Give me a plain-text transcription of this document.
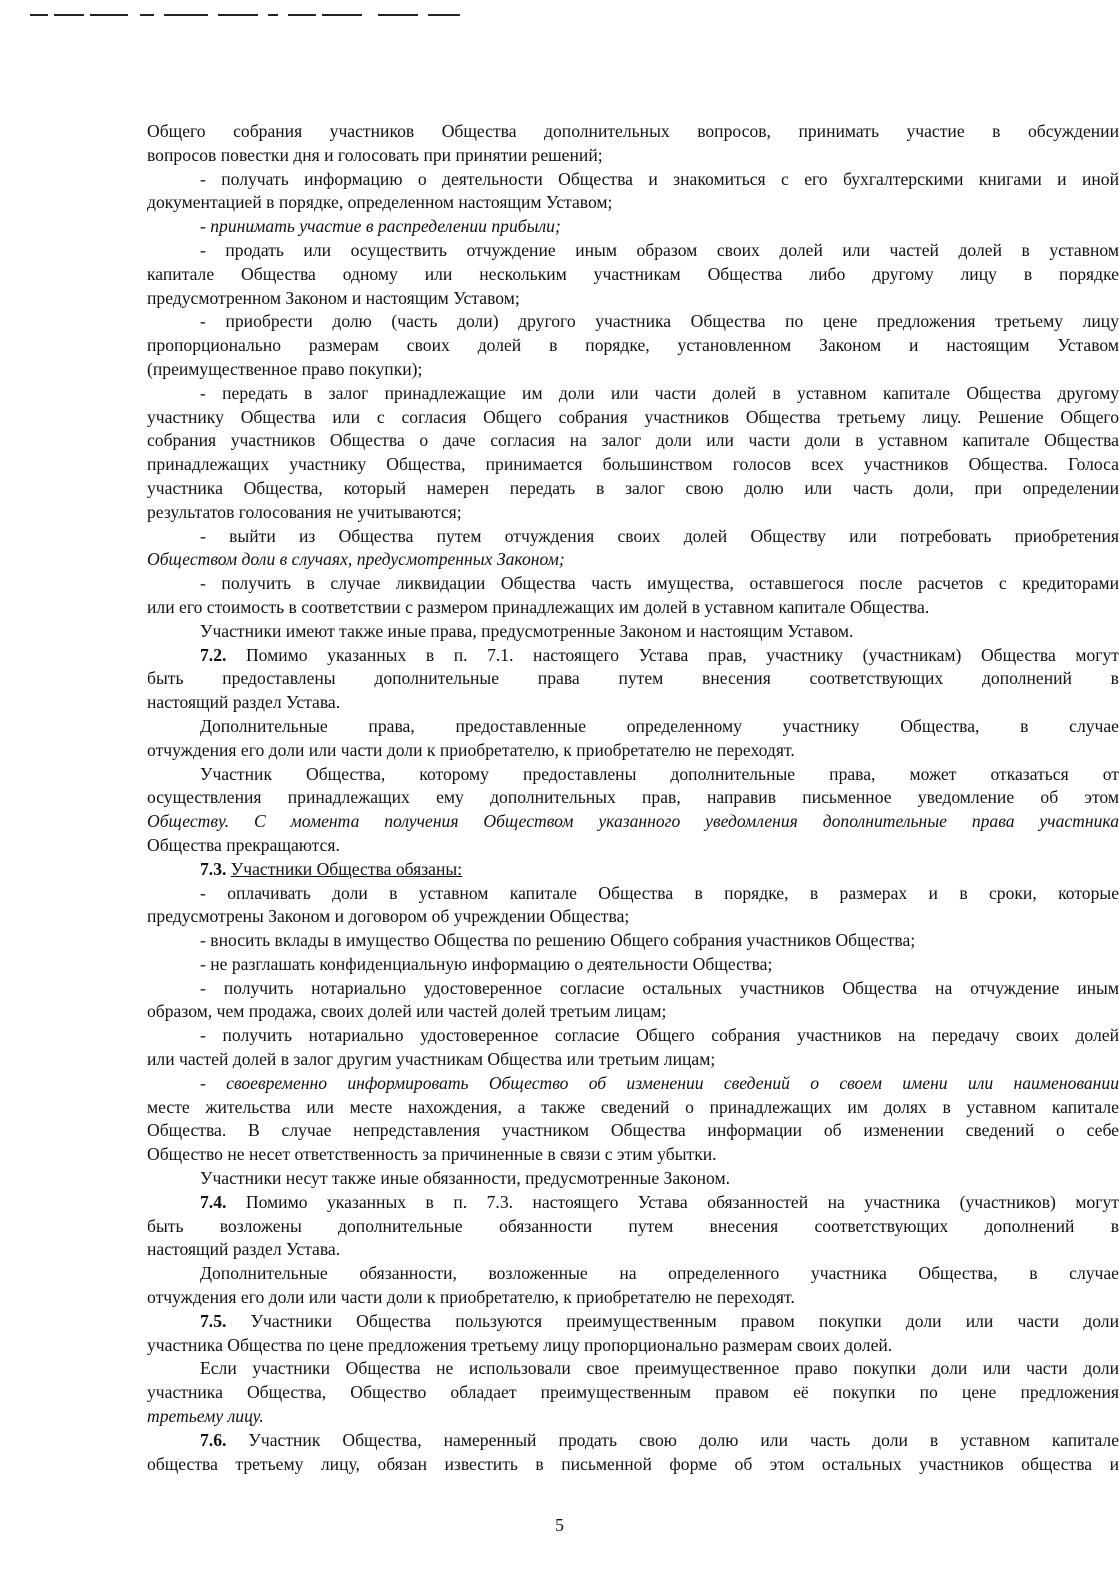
Общего собрания участников Общества дополнительных вопросов, принимать участие в обсуждении

вопросов повестки дня и голосовать при принятии решений;

- получать информацию о деятельности Общества и знакомиться с его бухгалтерскими книгами и иной

документацией в порядке, определенном настоящим Уставом;

- принимать участие в распределении прибыли;

- продать или осуществить отчуждение иным образом своих долей или частей долей в уставном

капитале Общества одному или нескольким участникам Общества либо другому лицу в порядке

предусмотренном Законом и настоящим Уставом;

- приобрести долю (часть доли) другого участника Общества по цене предложения третьему лицу

пропорционально размерам своих долей в порядке, установленном Законом и настоящим Уставом

(преимущественное право покупки);

- передать в залог принадлежащие им доли или части долей в уставном капитале Общества другому

участнику Общества или с согласия Общего собрания участников Общества третьему лицу. Решение Общего

собрания участников Общества о даче согласия на залог доли или части доли в уставном капитале Общества

принадлежащих участнику Общества, принимается большинством голосов всех участников Общества. Голоса

участника Общества, который намерен передать в залог свою долю или часть доли, при определении

результатов голосования не учитываются;

- выйти из Общества путем отчуждения своих долей Обществу или потребовать приобретения

Обществом доли в случаях, предусмотренных Законом;

- получить в случае ликвидации Общества часть имущества, оставшегося после расчетов с кредиторами

или его стоимость в соответствии с размером принадлежащих им долей в уставном капитале Общества.

Участники имеют также иные права, предусмотренные Законом и настоящим Уставом.

7.2. Помимо указанных в п. 7.1. настоящего Устава прав, участнику (участникам) Общества могут

быть предоставлены дополнительные права путем внесения соответствующих дополнений в

настоящий раздел Устава.

Дополнительные права, предоставленные определенному участнику Общества, в случае

отчуждения его доли или части доли к приобретателю, к приобретателю не переходят.

Участник Общества, которому предоставлены дополнительные права, может отказаться от

осуществления принадлежащих ему дополнительных прав, направив письменное уведомление об этом

Обществу. С момента получения Обществом указанного уведомления дополнительные права участника

Общества прекращаются.

7.3. Участники Общества обязаны:

- оплачивать доли в уставном капитале Общества в порядке, в размерах и в сроки, которые

предусмотрены Законом и договором об учреждении Общества;

- вносить вклады в имущество Общества по решению Общего собрания участников Общества;

- не разглашать конфиденциальную информацию о деятельности Общества;

- получить нотариально удостоверенное согласие остальных участников Общества на отчуждение иным

образом, чем продажа, своих долей или частей долей третьим лицам;

- получить нотариально удостоверенное согласие Общего собрания участников на передачу своих долей

или частей долей в залог другим участникам Общества или третьим лицам;

- своевременно информировать Общество об изменении сведений о своем имени или наименовании

месте жительства или месте нахождения, а также сведений о принадлежащих им долях в уставном капитале

Общества. В случае непредставления участником Общества информации об изменении сведений о себе

Общество не несет ответственность за причиненные в связи с этим убытки.

Участники несут также иные обязанности, предусмотренные Законом.

7.4. Помимо указанных в п. 7.3. настоящего Устава обязанностей на участника (участников) могут

быть возложены дополнительные обязанности путем внесения соответствующих дополнений в

настоящий раздел Устава.

Дополнительные обязанности, возложенные на определенного участника Общества, в случае

отчуждения его доли или части доли к приобретателю, к приобретателю не переходят.

7.5. Участники Общества пользуются преимущественным правом покупки доли или части доли

участника Общества по цене предложения третьему лицу пропорционально размерам своих долей.

Если участники Общества не использовали свое преимущественное право покупки доли или части доли

участника Общества, Общество обладает преимущественным правом её покупки по цене предложения

третьему лицу.

7.6. Участник Общества, намеренный продать свою долю или часть доли в уставном капитале

общества третьему лицу, обязан известить в письменной форме об этом остальных участников общества и

5
